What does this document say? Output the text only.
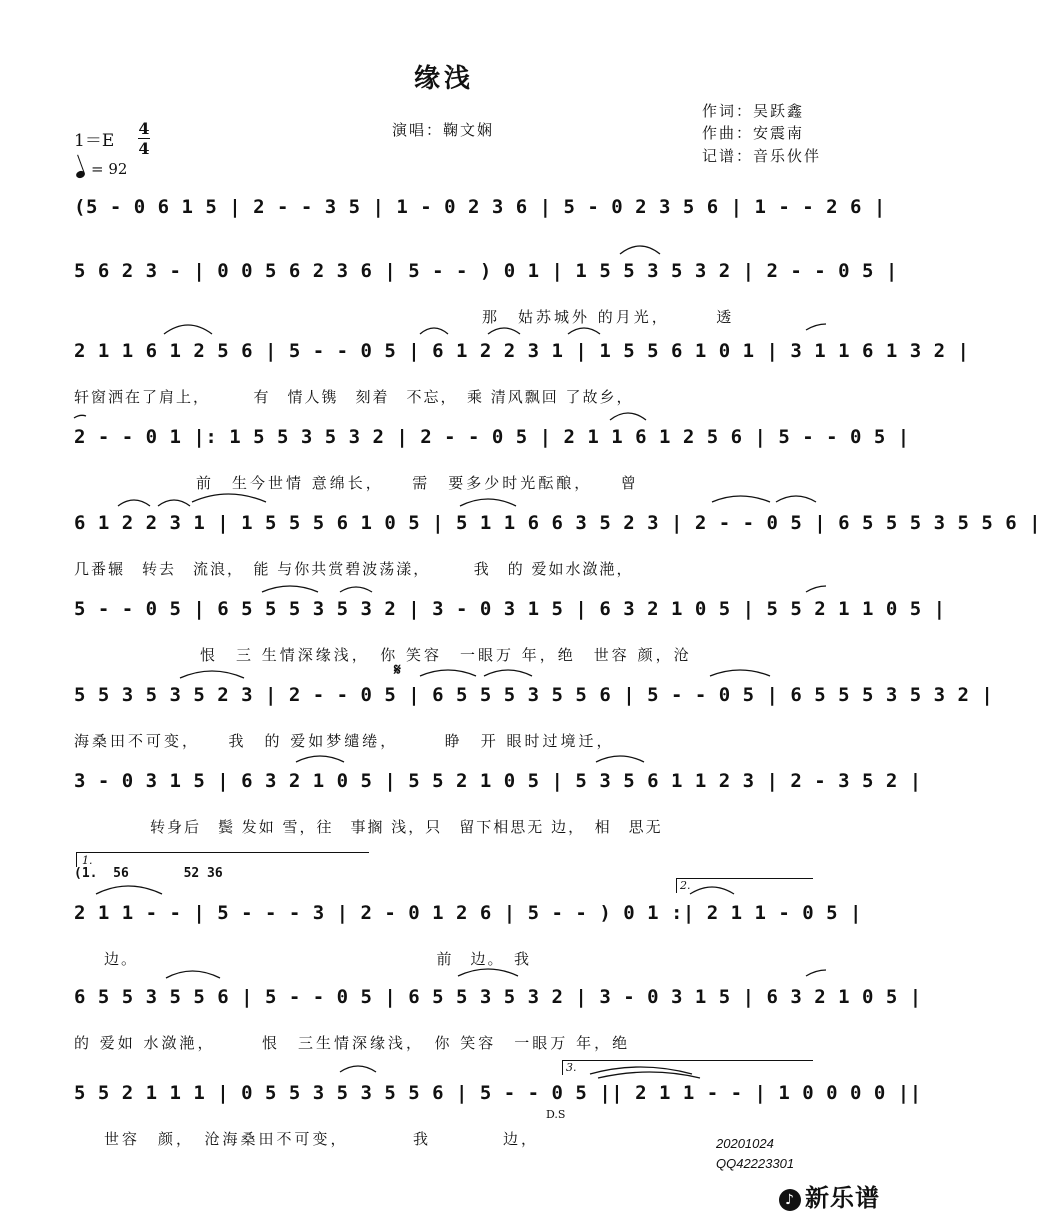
缘浅
演唱：鞠文娴
作词：吴跃鑫
作曲：安震南
记谱：音乐伙伴
1＝E
4
4
= 92
(5 - 0 6 1 5 | 2 - - 3 5 | 1 - 0 2 3 6 | 5 - 0 2 3 5 6 | 1 - - 2 6 |
5 6 2 3 - | 0 0 5 6 2 3 6 | 5 - - ) 0 1 | 1 5 5 3 5 3 2 | 2 - - 0 5 |
那　姑苏城外 的月光，　　　透
2 1 1 6 1 2 5 6 | 5 - - 0 5 | 6 1 2 2 3 1 | 1 5 5 6 1 0 1 | 3 1 1 6 1 3 2 |
轩窗洒在了肩上，　　　有　情人镌　刻着　不忘，　乘 清风飘回 了故乡，
2 - - 0 1 |: 1 5 5 3 5 3 2 | 2 - - 0 5 | 2 1 1 6 1 2 5 6 | 5 - - 0 5 |
前　生今世情 意绵长，　　需　要多少时光酝酿，　　曾
6 1 2 2 3 1 | 1 5 5 5 6 1 0 5 | 5 1 1 6 6 3 5 2 3 | 2 - - 0 5 | 6 5 5 5 3 5 5 6 |
几番辗　转去　流浪，　能 与你共赏碧波荡漾，　　　我　的 爱如水潋滟，
5 - - 0 5 | 6 5 5 5 3 5 3 2 | 3 - 0 3 1 5 | 6 3 2 1 0 5 | 5 5 2 1 1 0 5 |
恨　三 生情深缘浅，　你 笑容　一眼万 年，绝　世容 颜，沧
5 5 3 5 3 5 2 3 | 2 - - 0 5 | 6 5 5 5 3 5 5 6 | 5 - - 0 5 | 6 5 5 5 3 5 3 2 |
海桑田不可变，　　我　的 爱如梦缱绻，　　　睁　开 眼时过境迁，
3 - 0 3 1 5 | 6 3 2 1 0 5 | 5 5 2 1 0 5 | 5 3 5 6 1 1 2 3 | 2 - 3 5 2 |
转身后　鬓 发如 雪，往　事搁 浅，只　留下相思无 边，　相　思无
2 1 1 - - | 5 - - - 3 | 2 - 0 1 2 6 | 5 - - ) 0 1 :| 2 1 1 - 0 5 |
边。　　　　　　　　　　　　　　　　　　前　边。　我
6 5 5 3 5 5 6 | 5 - - 0 5 | 6 5 5 3 5 3 2 | 3 - 0 3 1 5 | 6 3 2 1 0 5 |
的 爱如 水潋滟，　　　恨　三生情深缘浅，　你 笑容　一眼万 年，绝
5 5 2 1 1 1 | 0 5 5 3 5 3 5 5 6 | 5 - - 0 5 || 2 1 1 - - | 1 0 0 0 0 ||
世容　颜，　沧海桑田不可变，　　　　我　　　　边，
1.
(1.  56       52 36
2.
3.
𝄋
D.S
20201024
QQ42223301
♪ 新乐谱
